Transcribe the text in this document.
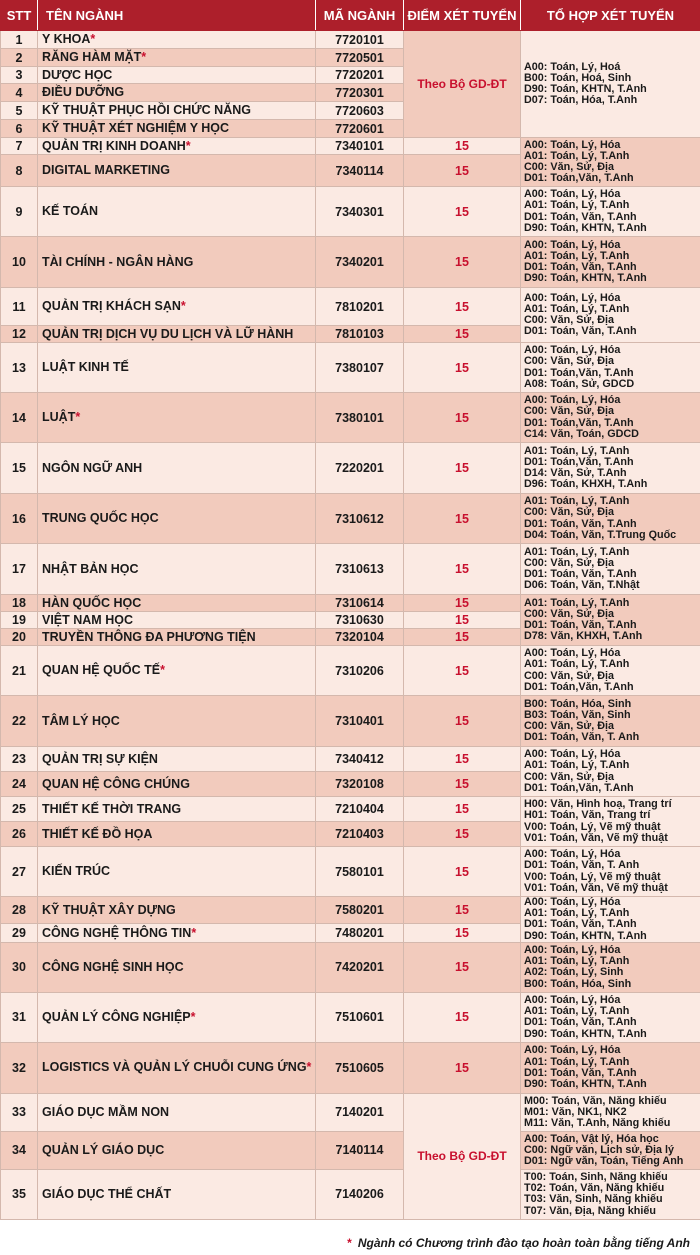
STT	TÊN NGÀNH	MÃ NGÀNH	ĐIỂM XÉT TUYỂN	TỔ HỢP XÉT TUYỂN
1	Y KHOA*	7720101	Theo Bộ GD-ĐT	A00: Toán, Lý, Hoá
B00: Toán, Hoá, Sinh
D90: Toán, KHTN, T.Anh
D07: Toán, Hóa, T.Anh

2	RĂNG HÀM MẶT*	7720501		
3	DƯỢC HỌC	7720201		
4	ĐIỀU DƯỠNG	7720301		
5	KỸ THUẬT PHỤC HỒI CHỨC NĂNG	7720603		
6	KỸ THUẬT XÉT NGHIỆM Y HỌC	7720601		
7	QUẢN TRỊ KINH DOANH*	7340101	15	A00: Toán, Lý, Hóa
A01: Toán, Lý, T.Anh
C00: Văn, Sử, Địa
D01: Toán,Văn, T.Anh

8	DIGITAL MARKETING	7340114	15	
9	KẾ TOÁN	7340301	15	A00: Toán, Lý, Hóa
A01: Toán, Lý, T.Anh
D01: Toán, Văn, T.Anh
D90: Toán, KHTN, T.Anh

10	TÀI CHÍNH - NGÂN HÀNG	7340201	15	A00: Toán, Lý, Hóa
A01: Toán, Lý, T.Anh
D01: Toán, Văn, T.Anh
D90: Toán, KHTN, T.Anh

11	QUẢN TRỊ KHÁCH SẠN*	7810201	15	A00: Toán, Lý, Hóa
A01: Toán, Lý, T.Anh
C00: Văn, Sử, Địa
D01: Toán, Văn, T.Anh

12	QUẢN TRỊ DỊCH VỤ DU LỊCH VÀ LỮ HÀNH	7810103	15	
13	LUẬT KINH TẾ	7380107	15	A00: Toán, Lý, Hóa
C00: Văn, Sử, Địa
D01: Toán,Văn, T.Anh
A08: Toán, Sử, GDCD

14	LUẬT*	7380101	15	A00: Toán, Lý, Hóa
C00: Văn, Sử, Địa
D01: Toán,Văn, T.Anh
C14: Văn, Toán, GDCD

15	NGÔN NGỮ ANH	7220201	15	A01: Toán, Lý, T.Anh
D01: Toán,Văn, T.Anh
D14: Văn, Sử, T.Anh
D96: Toán, KHXH, T.Anh

16	TRUNG QUỐC HỌC	7310612	15	A01: Toán, Lý, T.Anh
C00: Văn, Sử, Địa
D01: Toán, Văn, T.Anh
D04: Toán, Văn, T.Trung Quốc

17	NHẬT BẢN HỌC	7310613	15	A01: Toán, Lý, T.Anh
C00: Văn, Sử, Địa
D01: Toán, Văn, T.Anh
D06: Toán, Văn, T.Nhật

18	HÀN QUỐC HỌC	7310614	15	A01: Toán, Lý, T.Anh
C00: Văn, Sử, Địa
D01: Toán, Văn, T.Anh
D78: Văn, KHXH, T.Anh

19	VIỆT NAM HỌC	7310630	15	
20	TRUYỀN THÔNG ĐA PHƯƠNG TIỆN	7320104	15	
21	QUAN HỆ QUỐC TẾ*	7310206	15	A00: Toán, Lý, Hóa
A01: Toán, Lý, T.Anh
C00: Văn, Sử, Địa
D01: Toán,Văn, T.Anh

22	TÂM LÝ HỌC	7310401	15	B00: Toán, Hóa, Sinh
B03: Toán, Văn, Sinh
C00: Văn, Sử, Địa
D01: Toán, Văn, T. Anh

23	QUẢN TRỊ SỰ KIỆN	7340412	15	A00: Toán, Lý, Hóa
A01: Toán, Lý, T.Anh
C00: Văn, Sử, Địa
D01: Toán,Văn, T.Anh

24	QUAN HỆ CÔNG CHÚNG	7320108	15	
25	THIẾT KẾ THỜI TRANG	7210404	15	H00: Văn, Hình hoạ, Trang trí
H01: Toán, Văn, Trang trí
V00: Toán, Lý, Vẽ mỹ thuật
V01: Toán, Văn, Vẽ mỹ thuật

26	THIẾT KẾ ĐỒ HỌA	7210403	15	
27	KIẾN TRÚC	7580101	15	A00: Toán, Lý, Hóa
D01: Toán, Văn, T. Anh
V00: Toán, Lý, Vẽ mỹ thuật
V01: Toán, Văn, Vẽ mỹ thuật

28	KỸ THUẬT XÂY DỰNG	7580201	15	A00: Toán, Lý, Hóa
A01: Toán, Lý, T.Anh
D01: Toán, Văn, T.Anh
D90: Toán, KHTN, T.Anh

29	CÔNG NGHỆ THÔNG TIN*	7480201	15	
30	CÔNG NGHỆ SINH HỌC	7420201	15	A00: Toán, Lý, Hóa
A01: Toán, Lý, T.Anh
A02: Toán, Lý, Sinh
B00: Toán, Hóa, Sinh

31	QUẢN LÝ CÔNG NGHIỆP*	7510601	15	A00: Toán, Lý, Hóa
A01: Toán, Lý, T.Anh
D01: Toán, Văn, T.Anh
D90: Toán, KHTN, T.Anh

32	LOGISTICS VÀ QUẢN LÝ CHUỖI CUNG ỨNG*	7510605	15	A00: Toán, Lý, Hóa
A01: Toán, Lý, T.Anh
D01: Toán, Văn, T.Anh
D90: Toán, KHTN, T.Anh

33	GIÁO DỤC MẦM NON	7140201	Theo Bộ GD-ĐT	M00: Toán, Văn, Năng khiếu
M01: Văn, NK1, NK2
M11: Văn, T.Anh, Năng khiếu

34	QUẢN LÝ GIÁO DỤC	7140114		A00: Toán, Vật lý, Hóa học
C00: Ngữ văn, Lịch sử, Địa lý
D01: Ngữ văn, Toán, Tiếng Anh

35	GIÁO DỤC THỂ CHẤT	7140206		T00: Toán, Sinh, Năng khiếu
T02: Toán, Văn, Năng khiếu
T03: Văn, Sinh, Năng khiếu
T07: Văn, Địa, Năng khiếu
* Ngành có Chương trình đào tạo hoàn toàn bằng tiếng Anh
